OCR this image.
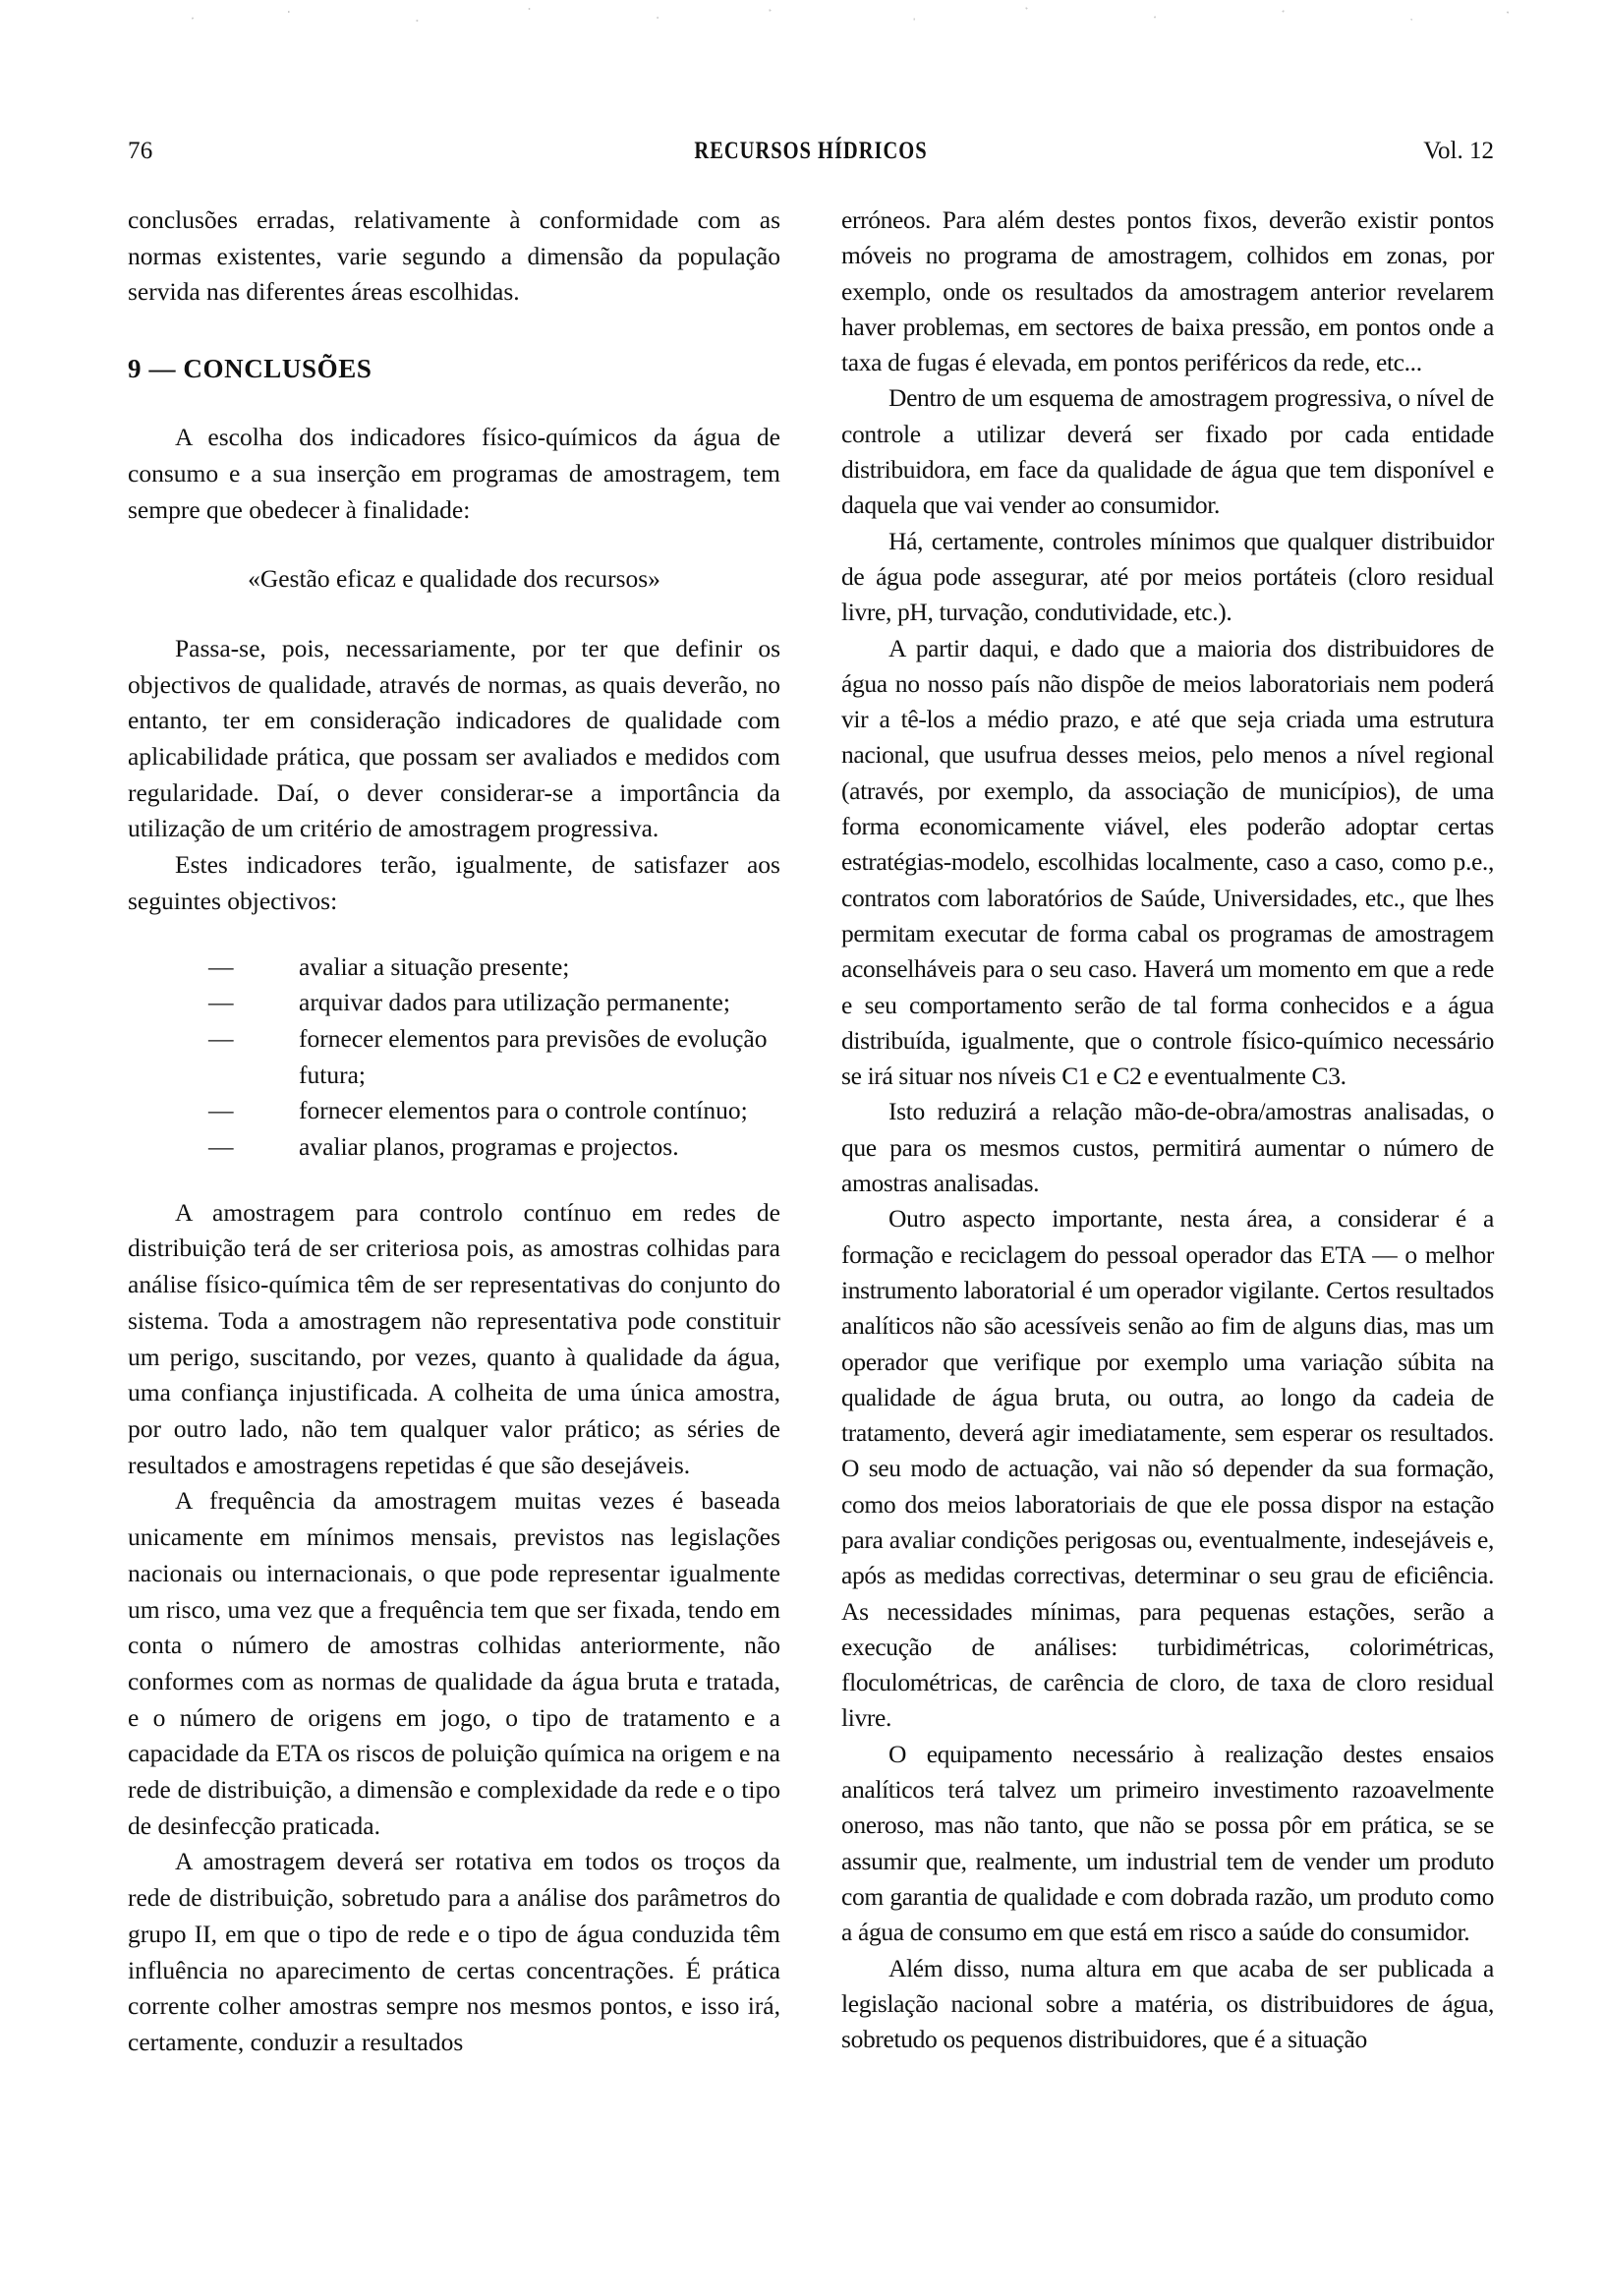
76	RECURSOS HÍDRICOS	Vol. 12

conclusões erradas, relativamente à conformidade com as normas existentes, varie segundo a dimensão da população servida nas diferentes áreas escolhidas.

9 — CONCLUSÕES

A escolha dos indicadores físico-químicos da água de consumo e a sua inserção em programas de amostragem, tem sempre que obedecer à finalidade:

«Gestão eficaz e qualidade dos recursos»

Passa-se, pois, necessariamente, por ter que definir os objectivos de qualidade, através de normas, as quais deverão, no entanto, ter em consideração indicadores de qualidade com aplicabilidade prática, que possam ser avaliados e medidos com regularidade. Daí, o dever considerar-se a importância da utilização de um critério de amostragem progressiva.

Estes indicadores terão, igualmente, de satisfazer aos seguintes objectivos:

—	avaliar a situação presente;
—	arquivar dados para utilização permanente;
—	fornecer elementos para previsões de evolução futura;
—	fornecer elementos para o controle contínuo;
—	avaliar planos, programas e projectos.

A amostragem para controlo contínuo em redes de distribuição terá de ser criteriosa pois, as amostras colhidas para análise físico-química têm de ser representativas do conjunto do sistema. Toda a amostragem não representativa pode constituir um perigo, suscitando, por vezes, quanto à qualidade da água, uma confiança injustificada. A colheita de uma única amostra, por outro lado, não tem qualquer valor prático; as séries de resultados e amostragens repetidas é que são desejáveis.

A frequência da amostragem muitas vezes é baseada unicamente em mínimos mensais, previstos nas legislações nacionais ou internacionais, o que pode representar igualmente um risco, uma vez que a frequência tem que ser fixada, tendo em conta o número de amostras colhidas anteriormente, não conformes com as normas de qualidade da água bruta e tratada, e o número de origens em jogo, o tipo de tratamento e a capacidade da ETA os riscos de poluição química na origem e na rede de distribuição, a dimensão e complexidade da rede e o tipo de desinfecção praticada.

A amostragem deverá ser rotativa em todos os troços da rede de distribuição, sobretudo para a análise dos parâmetros do grupo II, em que o tipo de rede e o tipo de água conduzida têm influência no aparecimento de certas concentrações. É prática corrente colher amostras sempre nos mesmos pontos, e isso irá, certamente, conduzir a resultados

erróneos. Para além destes pontos fixos, deverão existir pontos móveis no programa de amostragem, colhidos em zonas, por exemplo, onde os resultados da amostragem anterior revelarem haver problemas, em sectores de baixa pressão, em pontos onde a taxa de fugas é elevada, em pontos periféricos da rede, etc...

Dentro de um esquema de amostragem progressiva, o nível de controle a utilizar deverá ser fixado por cada entidade distribuidora, em face da qualidade de água que tem disponível e daquela que vai vender ao consumidor.

Há, certamente, controles mínimos que qualquer distribuidor de água pode assegurar, até por meios portáteis (cloro residual livre, pH, turvação, condutividade, etc.).

A partir daqui, e dado que a maioria dos distribuidores de água no nosso país não dispõe de meios laboratoriais nem poderá vir a tê-los a médio prazo, e até que seja criada uma estrutura nacional, que usufrua desses meios, pelo menos a nível regional (através, por exemplo, da associação de municípios), de uma forma economicamente viável, eles poderão adoptar certas estratégias-modelo, escolhidas localmente, caso a caso, como p.e., contratos com laboratórios de Saúde, Universidades, etc., que lhes permitam executar de forma cabal os programas de amostragem aconselháveis para o seu caso. Haverá um momento em que a rede e seu comportamento serão de tal forma conhecidos e a água distribuída, igualmente, que o controle físico-químico necessário se irá situar nos níveis C1 e C2 e eventualmente C3.

Isto reduzirá a relação mão-de-obra/amostras analisadas, o que para os mesmos custos, permitirá aumentar o número de amostras analisadas.

Outro aspecto importante, nesta área, a considerar é a formação e reciclagem do pessoal operador das ETA — o melhor instrumento laboratorial é um operador vigilante. Certos resultados analíticos não são acessíveis senão ao fim de alguns dias, mas um operador que verifique por exemplo uma variação súbita na qualidade de água bruta, ou outra, ao longo da cadeia de tratamento, deverá agir imediatamente, sem esperar os resultados. O seu modo de actuação, vai não só depender da sua formação, como dos meios laboratoriais de que ele possa dispor na estação para avaliar condições perigosas ou, eventualmente, indesejáveis e, após as medidas correctivas, determinar o seu grau de eficiência. As necessidades mínimas, para pequenas estações, serão a execução de análises: turbidimétricas, colorimétricas, floculométricas, de carência de cloro, de taxa de cloro residual livre.

O equipamento necessário à realização destes ensaios analíticos terá talvez um primeiro investimento razoavelmente oneroso, mas não tanto, que não se possa pôr em prática, se se assumir que, realmente, um industrial tem de vender um produto com garantia de qualidade e com dobrada razão, um produto como a água de consumo em que está em risco a saúde do consumidor.

Além disso, numa altura em que acaba de ser publicada a legislação nacional sobre a matéria, os distribuidores de água, sobretudo os pequenos distribuidores, que é a situação
